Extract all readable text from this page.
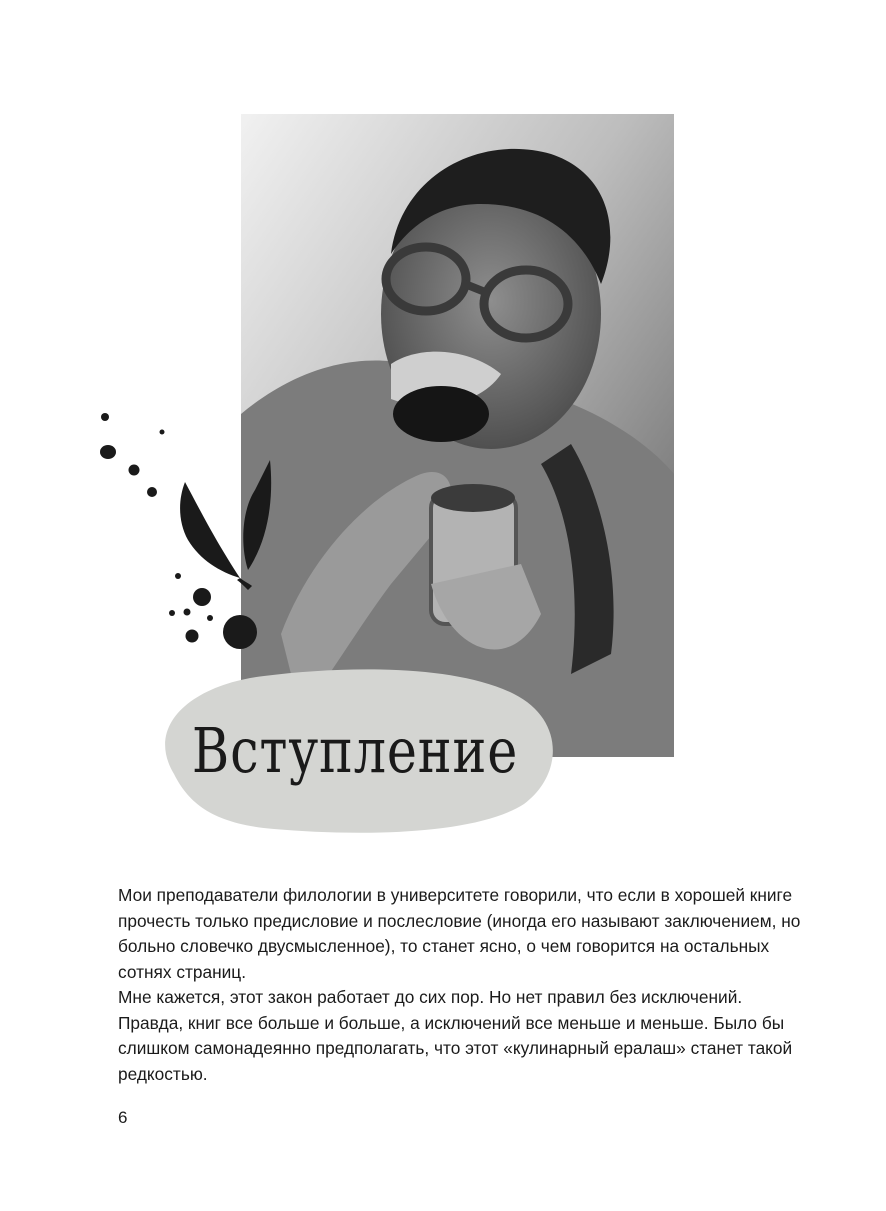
Вступление

Мои преподаватели филологии в университете говорили, что если в хорошей книге прочесть только предисловие и послесловие (иногда его называют заключением, но больно словечко двусмысленное), то станет ясно, о чем говорится на остальных сотнях страниц.

Мне кажется, этот закон работает до сих пор. Но нет правил без исключений. Правда, книг все больше и больше, а исключений все меньше и меньше. Было бы слишком самонадеянно предполагать, что этот «кулинарный ералаш» станет такой редкостью.

6
